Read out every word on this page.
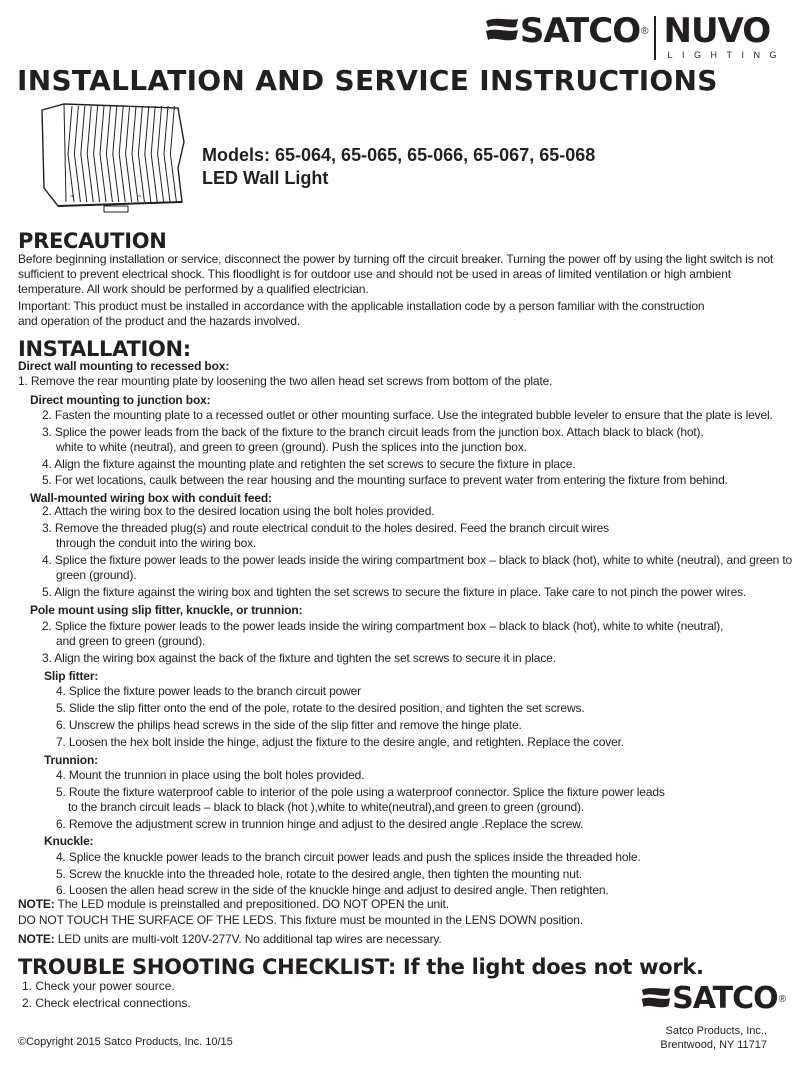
SATCO ® NUVO
LIGHTING
INSTALLATION AND SERVICE INSTRUCTIONS
"	"
Models: 65-064, 65-065, 65-066, 65-067, 65-068
LED Wall Light
PRECAUTION
Before beginning installation or service, disconnect the power by turning off the circuit breaker. Turning the power off by using the light switch is not sufficient to prevent electrical shock. This floodlight is for outdoor use and should not be used in areas of limited ventilation or high ambient temperature. All work should be performed by a qualified electrician.
Important: This product must be installed in accordance with the applicable installation code by a person familiar with the construction and operation of the product and the hazards involved.
INSTALLATION:
Direct wall mounting to recessed box:
1. Remove the rear mounting plate by loosening the two allen head set screws from bottom of the plate.
Direct mounting to junction box:
2. Fasten the mounting plate to a recessed outlet or other mounting surface. Use the integrated bubble leveler to ensure that the plate is level.
3. Splice the power leads from the back of the fixture to the branch circuit leads from the junction box. Attach black to black (hot),
white to white (neutral), and green to green (ground). Push the splices into the junction box.
4. Align the fixture against the mounting plate and retighten the set screws to secure the fixture in place.
5. For wet locations, caulk between the rear housing and the mounting surface to prevent water from entering the fixture from behind.
Wall-mounted wiring box with conduit feed:
2. Attach the wiring box to the desired location using the bolt holes provided.
3. Remove the threaded plug(s) and route electrical conduit to the holes desired. Feed the branch circuit wires
through the conduit into the wiring box.
4. Splice the fixture power leads to the power leads inside the wiring compartment box – black to black (hot), white to white (neutral), and green to
green (ground).
5. Align the fixture against the wiring box and tighten the set screws to secure the fixture in place. Take care to not pinch the power wires.
Pole mount using slip fitter, knuckle, or trunnion:
2. Splice the fixture power leads to the power leads inside the wiring compartment box – black to black (hot), white to white (neutral),
and green to green (ground).
3. Align the wiring box against the back of the fixture and tighten the set screws to secure it in place.
Slip fitter:
4. Splice the fixture power leads to the branch circuit power
5. Slide the slip fitter onto the end of the pole, rotate to the desired position, and tighten the set screws.
6. Unscrew the philips head screws in the side of the slip fitter and remove the hinge plate.
7. Loosen the hex bolt inside the hinge, adjust the fixture to the desire angle, and retighten. Replace the cover.
Trunnion:
4. Mount the trunnion in place using the bolt holes provided.
5. Route the fixture waterproof cable to interior of the pole using a waterproof connector. Splice the fixture power leads
to the branch circuit leads – black to black (hot ),white to white(neutral),and green to green (ground).
6. Remove the adjustment screw in trunnion hinge and adjust to the desired angle .Replace the screw.
Knuckle:
4. Splice the knuckle power leads to the branch circuit power leads and push the splices inside the threaded hole.
5. Screw the knuckle into the threaded hole, rotate to the desired angle, then tighten the mounting nut.
6. Loosen the allen head screw in the side of the knuckle hinge and adjust to desired angle. Then retighten.
NOTE: The LED module is preinstalled and prepositioned. DO NOT OPEN the unit.
DO NOT TOUCH THE SURFACE OF THE LEDS. This fixture must be mounted in the LENS DOWN position.
NOTE: LED units are multi-volt 120V-277V. No additional tap wires are necessary.
TROUBLE SHOOTING CHECKLIST: If the light does not work.
1. Check your power source.
2. Check electrical connections.	SATCO ®
Satco Products, Inc.,
Brentwood, NY 11717
©Copyright 2015 Satco Products, Inc. 10/15
